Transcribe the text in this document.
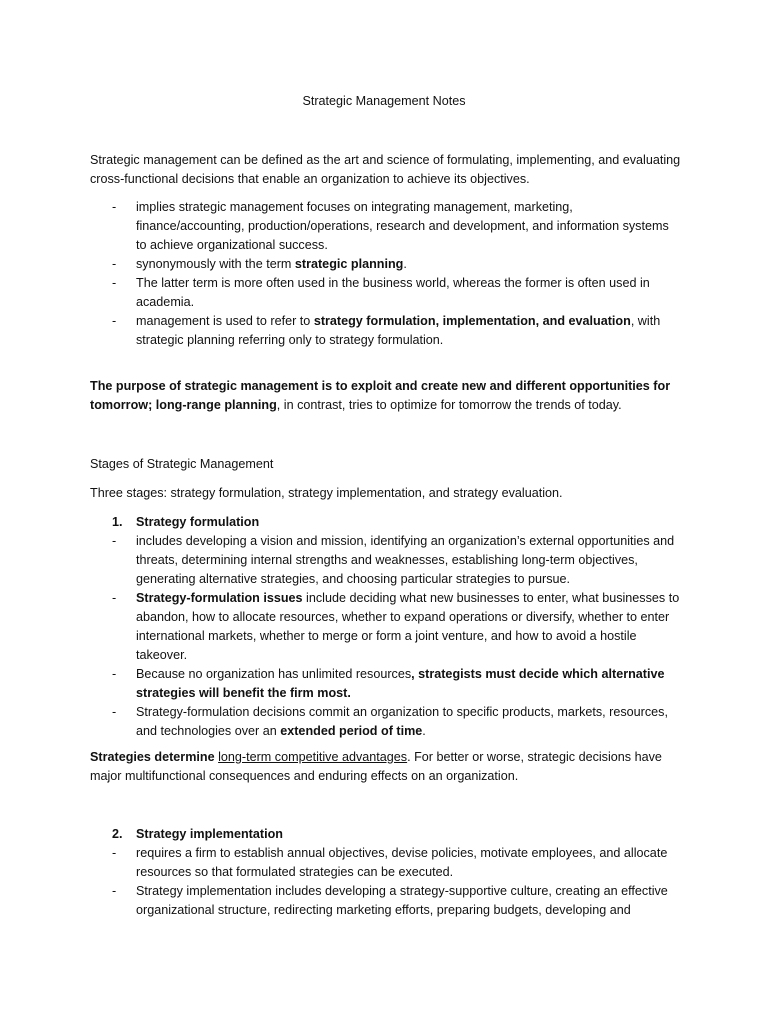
Strategic Management Notes
Strategic management can be defined as the art and science of formulating, implementing, and evaluating cross-functional decisions that enable an organization to achieve its objectives.
- implies strategic management focuses on integrating management, marketing, finance/accounting, production/operations, research and development, and information systems to achieve organizational success.
- synonymously with the term strategic planning.
- The latter term is more often used in the business world, whereas the former is often used in academia.
- management is used to refer to strategy formulation, implementation, and evaluation, with strategic planning referring only to strategy formulation.
The purpose of strategic management is to exploit and create new and different opportunities for tomorrow; long-range planning, in contrast, tries to optimize for tomorrow the trends of today.
Stages of Strategic Management
Three stages: strategy formulation, strategy implementation, and strategy evaluation.
1. Strategy formulation
- includes developing a vision and mission, identifying an organization’s external opportunities and threats, determining internal strengths and weaknesses, establishing long-term objectives, generating alternative strategies, and choosing particular strategies to pursue.
- Strategy-formulation issues include deciding what new businesses to enter, what businesses to abandon, how to allocate resources, whether to expand operations or diversify, whether to enter international markets, whether to merge or form a joint venture, and how to avoid a hostile takeover.
- Because no organization has unlimited resources, strategists must decide which alternative strategies will benefit the firm most.
- Strategy-formulation decisions commit an organization to specific products, markets, resources, and technologies over an extended period of time.
Strategies determine long-term competitive advantages. For better or worse, strategic decisions have major multifunctional consequences and enduring effects on an organization.
2. Strategy implementation
- requires a firm to establish annual objectives, devise policies, motivate employees, and allocate resources so that formulated strategies can be executed.
- Strategy implementation includes developing a strategy-supportive culture, creating an effective organizational structure, redirecting marketing efforts, preparing budgets, developing and
